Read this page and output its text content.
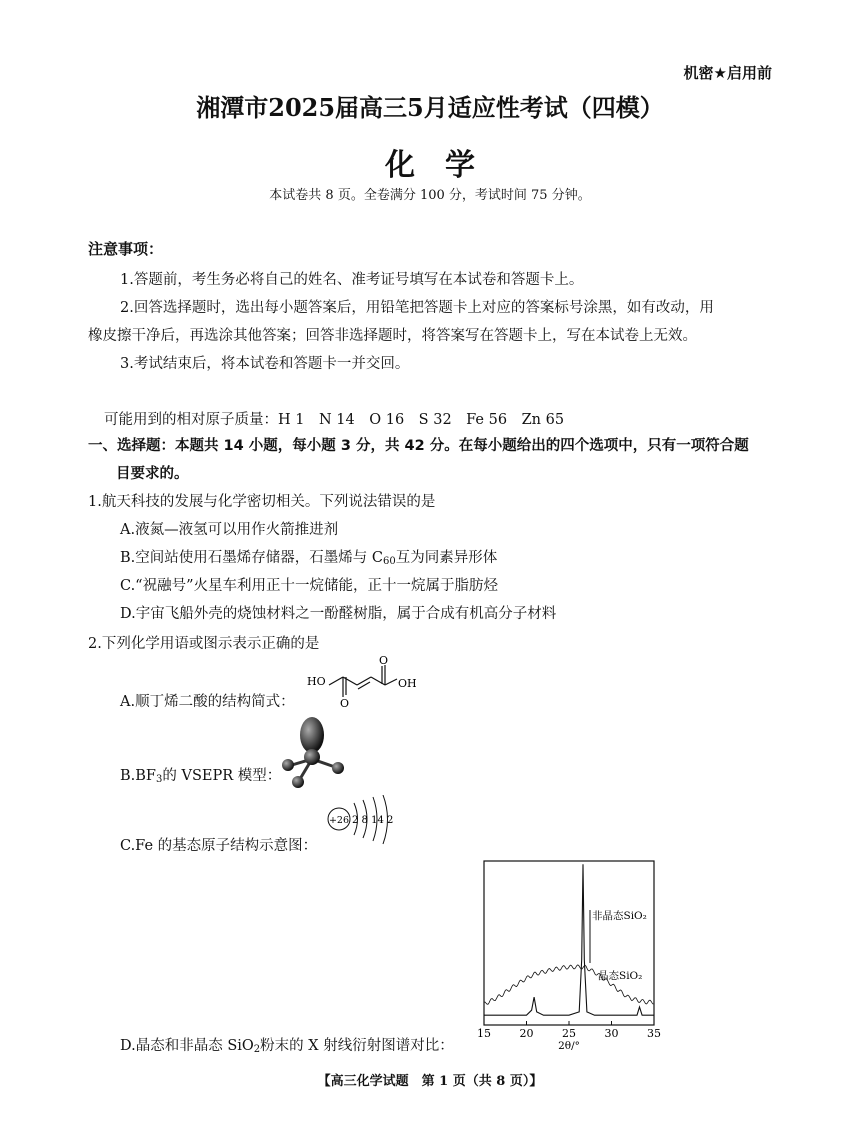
机密★启用前
湘潭市2025届高三5月适应性考试（四模）
化学
本试卷共 8 页。全卷满分 100 分，考试时间 75 分钟。
注意事项：
1.答题前，考生务必将自己的姓名、准考证号填写在本试卷和答题卡上。
2.回答选择题时，选出每小题答案后，用铅笔把答题卡上对应的答案标号涂黑，如有改动，用
橡皮擦干净后，再选涂其他答案；回答非选择题时，将答案写在答题卡上，写在本试卷上无效。
3.考试结束后，将本试卷和答题卡一并交回。
可能用到的相对原子质量：H 1　N 14　O 16　S 32　Fe 56　Zn 65
一、选择题：本题共 14 小题，每小题 3 分，共 42 分。在每小题给出的四个选项中，只有一项符合题
目要求的。
1.航天科技的发展与化学密切相关。下列说法错误的是
A.液氮—液氢可以用作火箭推进剂
B.空间站使用石墨烯存储器，石墨烯与 $C_{60}$互为同素异形体
C.“祝融号”火星车利用正十一烷储能，正十一烷属于脂肪烃
D.宇宙飞船外壳的烧蚀材料之一酚醛树脂，属于合成有机高分子材料
2.下列化学用语或图示表示正确的是
A.顺丁烯二酸的结构简式：
HO	OH
O
O
$B.BF_3$的 VSEPR 模型：
C.Fe 的基态原子结构示意图：
+26 2 8 14 2
D.晶态和非晶态 SiO$_2$粉末的 X 射线衍射图谱对比：
15	20	25	30	35
非晶态SiO₂
晶态SiO₂
2θ/°
【高三化学试题　第 1 页（共 8 页）】
